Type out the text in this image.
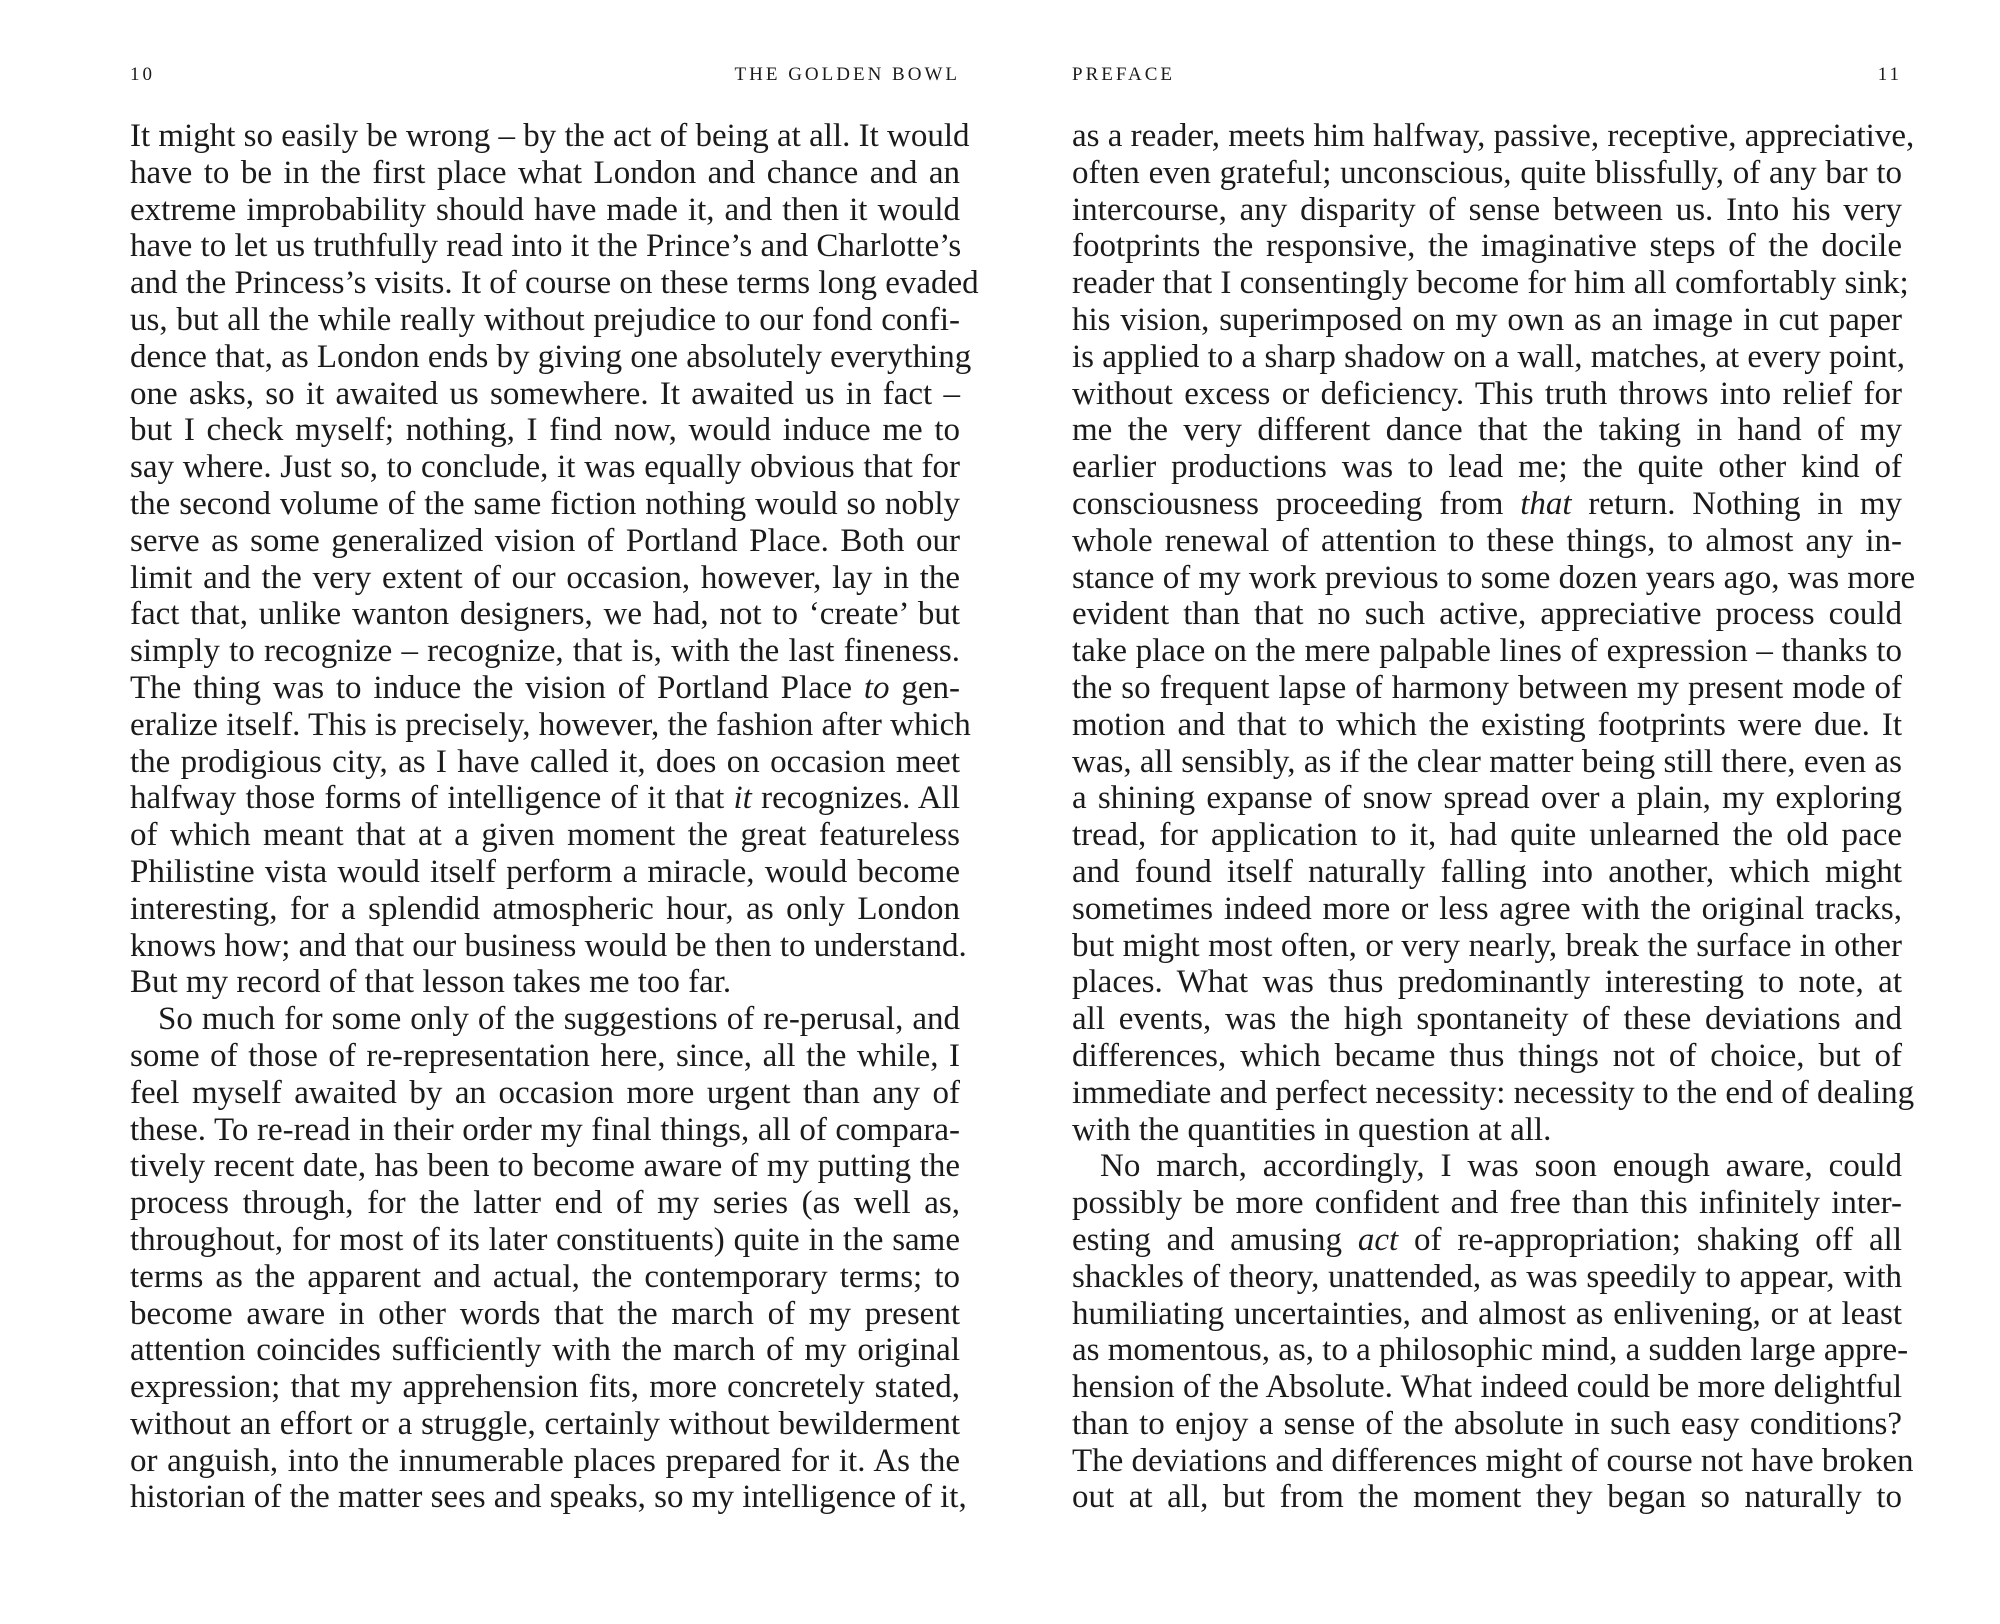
10	THE GOLDEN BOWL
It might so easily be wrong – by the act of being at all. It would
have to be in the first place what London and chance and an
extreme improbability should have made it, and then it would
have to let us truthfully read into it the Prince’s and Charlotte’s
and the Princess’s visits. It of course on these terms long evaded
us, but all the while really without prejudice to our fond confi-
dence that, as London ends by giving one absolutely everything
one asks, so it awaited us somewhere. It awaited us in fact –
but I check myself; nothing, I find now, would induce me to
say where. Just so, to conclude, it was equally obvious that for
the second volume of the same fiction nothing would so nobly
serve as some generalized vision of Portland Place. Both our
limit and the very extent of our occasion, however, lay in the
fact that, unlike wanton designers, we had, not to ‘create’ but
simply to recognize – recognize, that is, with the last fineness.
The thing was to induce the vision of Portland Place to gen-
eralize itself. This is precisely, however, the fashion after which
the prodigious city, as I have called it, does on occasion meet
halfway those forms of intelligence of it that it recognizes. All
of which meant that at a given moment the great featureless
Philistine vista would itself perform a miracle, would become
interesting, for a splendid atmospheric hour, as only London
knows how; and that our business would be then to understand.
But my record of that lesson takes me too far.
So much for some only of the suggestions of re-perusal, and
some of those of re-representation here, since, all the while, I
feel myself awaited by an occasion more urgent than any of
these. To re-read in their order my final things, all of compara-
tively recent date, has been to become aware of my putting the
process through, for the latter end of my series (as well as,
throughout, for most of its later constituents) quite in the same
terms as the apparent and actual, the contemporary terms; to
become aware in other words that the march of my present
attention coincides sufficiently with the march of my original
expression; that my apprehension fits, more concretely stated,
without an effort or a struggle, certainly without bewilderment
or anguish, into the innumerable places prepared for it. As the
historian of the matter sees and speaks, so my intelligence of it,
PREFACE	11
as a reader, meets him halfway, passive, receptive, appreciative,
often even grateful; unconscious, quite blissfully, of any bar to
intercourse, any disparity of sense between us. Into his very
footprints the responsive, the imaginative steps of the docile
reader that I consentingly become for him all comfortably sink;
his vision, superimposed on my own as an image in cut paper
is applied to a sharp shadow on a wall, matches, at every point,
without excess or deficiency. This truth throws into relief for
me the very different dance that the taking in hand of my
earlier productions was to lead me; the quite other kind of
consciousness proceeding from that return. Nothing in my
whole renewal of attention to these things, to almost any in-
stance of my work previous to some dozen years ago, was more
evident than that no such active, appreciative process could
take place on the mere palpable lines of expression – thanks to
the so frequent lapse of harmony between my present mode of
motion and that to which the existing footprints were due. It
was, all sensibly, as if the clear matter being still there, even as
a shining expanse of snow spread over a plain, my exploring
tread, for application to it, had quite unlearned the old pace
and found itself naturally falling into another, which might
sometimes indeed more or less agree with the original tracks,
but might most often, or very nearly, break the surface in other
places. What was thus predominantly interesting to note, at
all events, was the high spontaneity of these deviations and
differences, which became thus things not of choice, but of
immediate and perfect necessity: necessity to the end of dealing
with the quantities in question at all.
No march, accordingly, I was soon enough aware, could
possibly be more confident and free than this infinitely inter-
esting and amusing act of re-appropriation; shaking off all
shackles of theory, unattended, as was speedily to appear, with
humiliating uncertainties, and almost as enlivening, or at least
as momentous, as, to a philosophic mind, a sudden large appre-
hension of the Absolute. What indeed could be more delightful
than to enjoy a sense of the absolute in such easy conditions?
The deviations and differences might of course not have broken
out at all, but from the moment they began so naturally to
